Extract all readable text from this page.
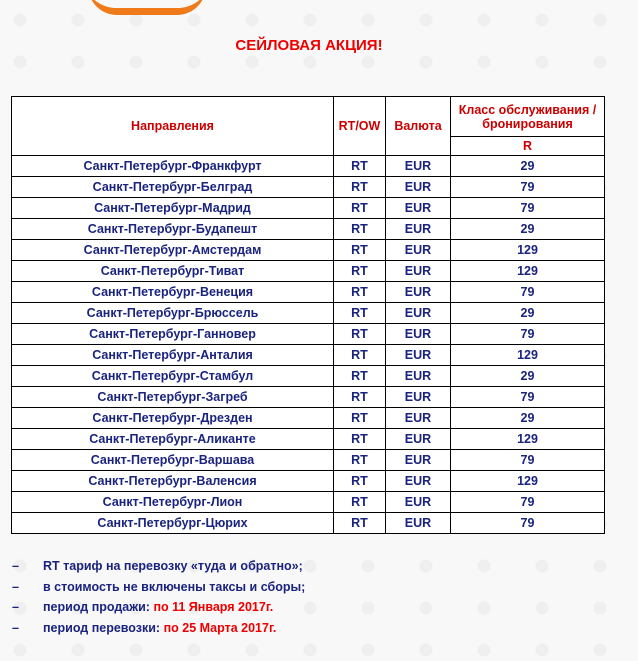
СЕЙЛОВАЯ АКЦИЯ!
Направления	RT/OW	Валюта	Класс обслуживания / бронирования
			R
Санкт-Петербург-Франкфурт	RT	EUR	29
Санкт-Петербург-Белград	RT	EUR	79
Санкт-Петербург-Мадрид	RT	EUR	79
Санкт-Петербург-Будапешт	RT	EUR	29
Санкт-Петербург-Амстердам	RT	EUR	129
Санкт-Петербург-Тиват	RT	EUR	129
Санкт-Петербург-Венеция	RT	EUR	79
Санкт-Петербург-Брюссель	RT	EUR	29
Санкт-Петербург-Ганновер	RT	EUR	79
Санкт-Петербург-Анталия	RT	EUR	129
Санкт-Петербург-Стамбул	RT	EUR	29
Санкт-Петербург-Загреб	RT	EUR	79
Санкт-Петербург-Дрезден	RT	EUR	29
Санкт-Петербург-Аликанте	RT	EUR	129
Санкт-Петербург-Варшава	RT	EUR	79
Санкт-Петербург-Валенсия	RT	EUR	129
Санкт-Петербург-Лион	RT	EUR	79
Санкт-Петербург-Цюрих	RT	EUR	79
– RT тариф на перевозку «туда и обратно»;
– в стоимость не включены таксы и сборы;
– период продажи: по 11 Января 2017г.
– период перевозки: по 25 Марта 2017г.
